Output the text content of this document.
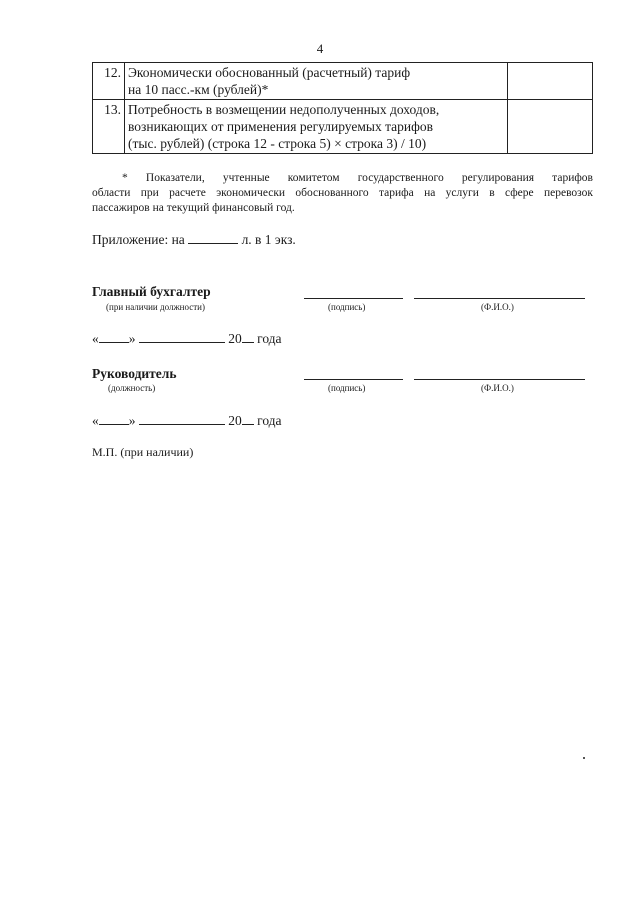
4
12.	Экономически обоснованный (расчетный) тариф
на 10 пасс.-км (рублей)*	

13.	Потребность в возмещении недополученных доходов,
возникающих от применения регулируемых тарифов
(тыс. рублей) (строка 12 - строка 5) × строка 3) / 10)	

* Показатели, учтенные комитетом государственного регулирования тарифов
области при расчете экономически обоснованного тарифа на услуги в сфере перевозок
пассажиров на текущий финансовый год.
Приложение: на	л. в 1 экз.
Главный бухгалтер
(при наличии должности)	(подпись)	(Ф.И.О.)
« »	20 года
Руководитель
(должность)	(подпись)	(Ф.И.О.)
« »	20 года
М.П. (при наличии)
